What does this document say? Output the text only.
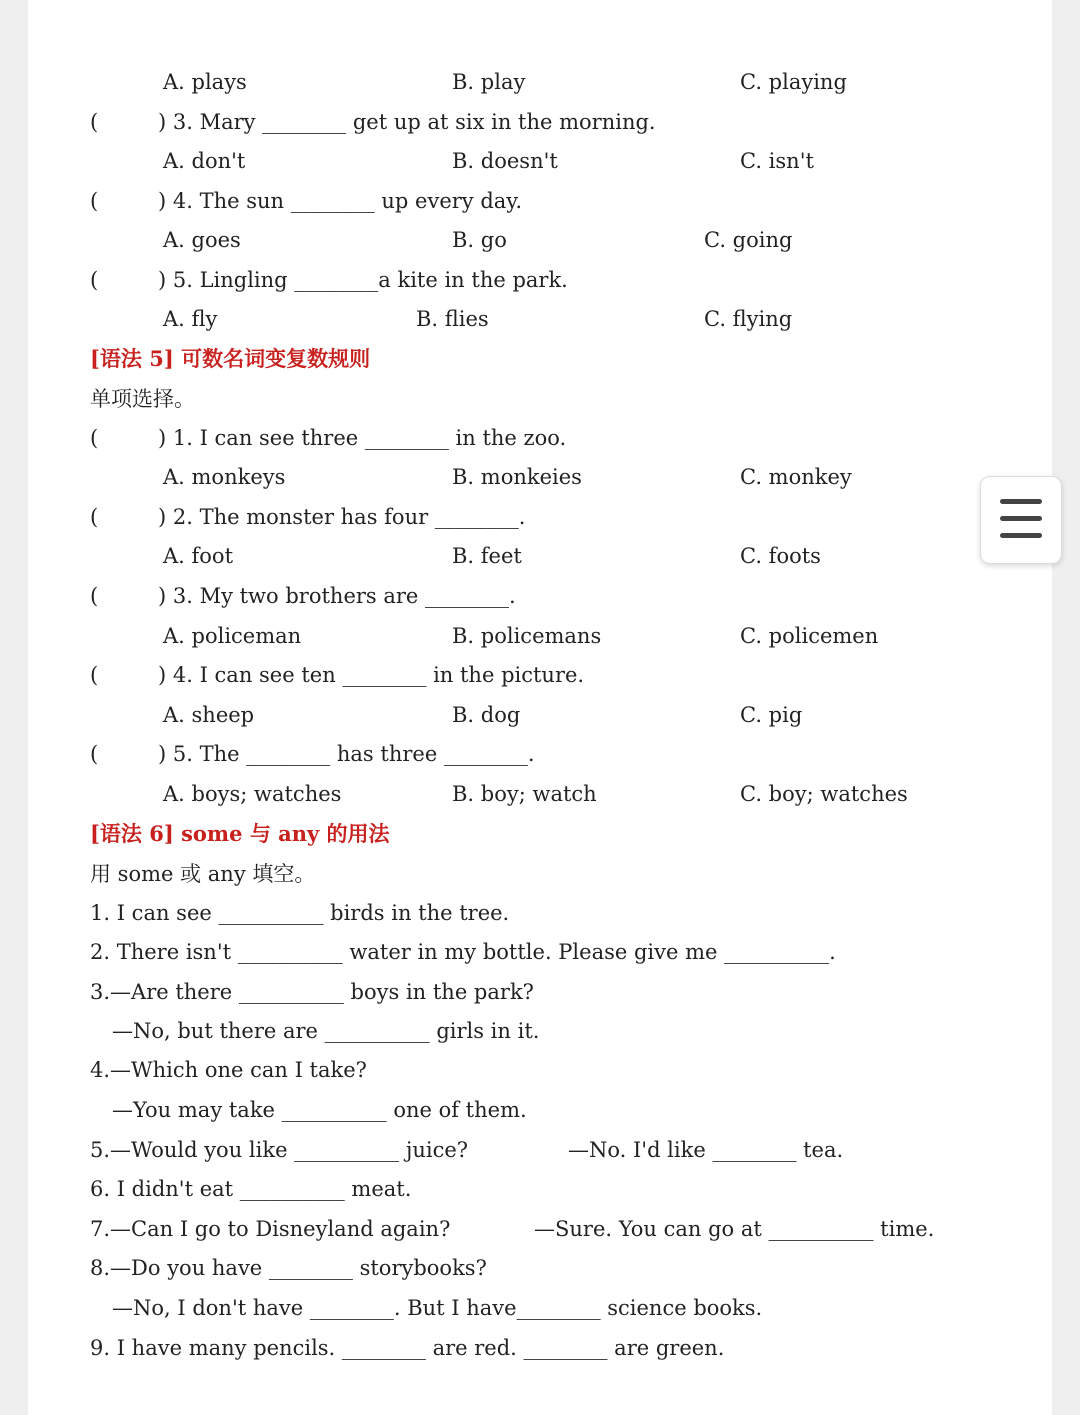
A. plays	B. play	C. playing
(	) 3. Mary ________ get up at six in the morning.
A. don't	B. doesn't	C. isn't
(	) 4. The sun ________ up every day.
A. goes	B. go	C. going
(	) 5. Lingling ________a kite in the park.
A. fly	B. flies	C. flying
[语法 5] 可数名词变复数规则
单项选择。
(	) 1. I can see three ________ in the zoo.
A. monkeys	B. monkeies	C. monkey
(	) 2. The monster has four ________.
A. foot	B. feet	C. foots
(	) 3. My two brothers are ________.
A. policeman	B. policemans	C. policemen
(	) 4. I can see ten ________ in the picture.
A. sheep	B. dog	C. pig
(	) 5. The ________ has three ________.
A. boys; watches	B. boy; watch	C. boy; watches
[语法 6] some 与 any 的用法
用 some 或 any 填空。
1. I can see __________ birds in the tree.
2. There isn't __________ water in my bottle. Please give me __________.
3.—Are there __________ boys in the park?
—No, but there are __________ girls in it.
4.—Which one can I take?
—You may take __________ one of them.
5.—Would you like __________ juice?	—No. I'd like ________ tea.
6. I didn't eat __________ meat.
7.—Can I go to Disneyland again?	—Sure. You can go at __________ time.
8.—Do you have ________ storybooks?
—No, I don't have ________. But I have________ science books.
9. I have many pencils. ________ are red. ________ are green.
